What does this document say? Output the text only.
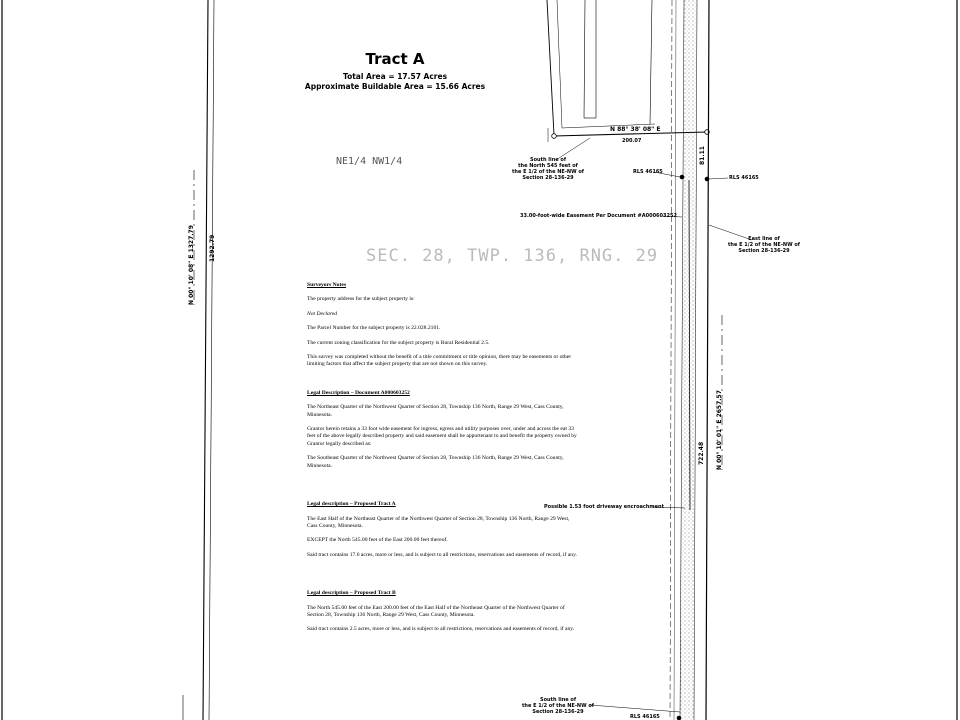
Tract A
Total Area = 17.57 Acres
Approximate Buildable Area = 15.66 Acres
NE1/4 NW1/4
SEC. 28, TWP. 136, RNG. 29
N 88° 38' 08" E
200.07
81.11
N 00° 10' 08" E 1327.79 1292.79
N 00° 10' 01" E 2657.57
722.48
South line of
the North 545 feet of
the E 1/2 of the NE-NW of
Section 28-136-29
RLS 46165
RLS 46165
33.00-foot-wide Easement Per Document #A000603252
East line of
the E 1/2 of the NE-NW of
Section 28-136-29
Possible 1.53 foot driveway encroachment
South line of
the E 1/2 of the NE-NW of
Section 28-136-29
RLS 46165
Surveyors Notes

The property address for the subject property is:

Not Declared

The Parcel Number for the subject property is 22.028.2101.

The current zoning classification for the subject property is Rural Residential 2.5.

This survey was completed without the benefit of a title commitment or title opinion, there may be easements or other limiting factors that affect the subject property that are not shown on this survey.

Legal Description – Document A000603252

The Northeast Quarter of the Northwest Quarter of Section 28, Township 136 North, Range 29 West, Cass County, Minnesota.

Grantor herein retains a 33 foot wide easement for ingress, egress and utility purposes over, under and across the eat 33 feet of the above legally described property and said easement shall be appurtenant to and benefit the property owned by Grantor legally described as:

The Southeast Quarter of the Northwest Quarter of Section 28, Township 136 North, Range 29 West, Cass County, Minnesota.

Legal description – Proposed Tract A

The East Half of the Northeast Quarter of the Northwest Quarter of Section 28, Township 136 North, Range 29 West, Cass County, Minnesota.

EXCEPT the North 545.00 feet of the East 200.00 feet thereof.

Said tract contains 17.6 acres, more or less, and is subject to all restrictions, reservations and easements of record, if any.

Legal description – Proposed Tract B

The North 545.00 feet of the East 200.00 feet of the East Half of the Northeast Quarter of the Northwest Quarter of Section 28, Township 136 North, Range 29 West, Cass County, Minnesota.

Said tract contains 2.5 acres, more or less, and is subject to all restrictions, reservations and easements of record, if any.
